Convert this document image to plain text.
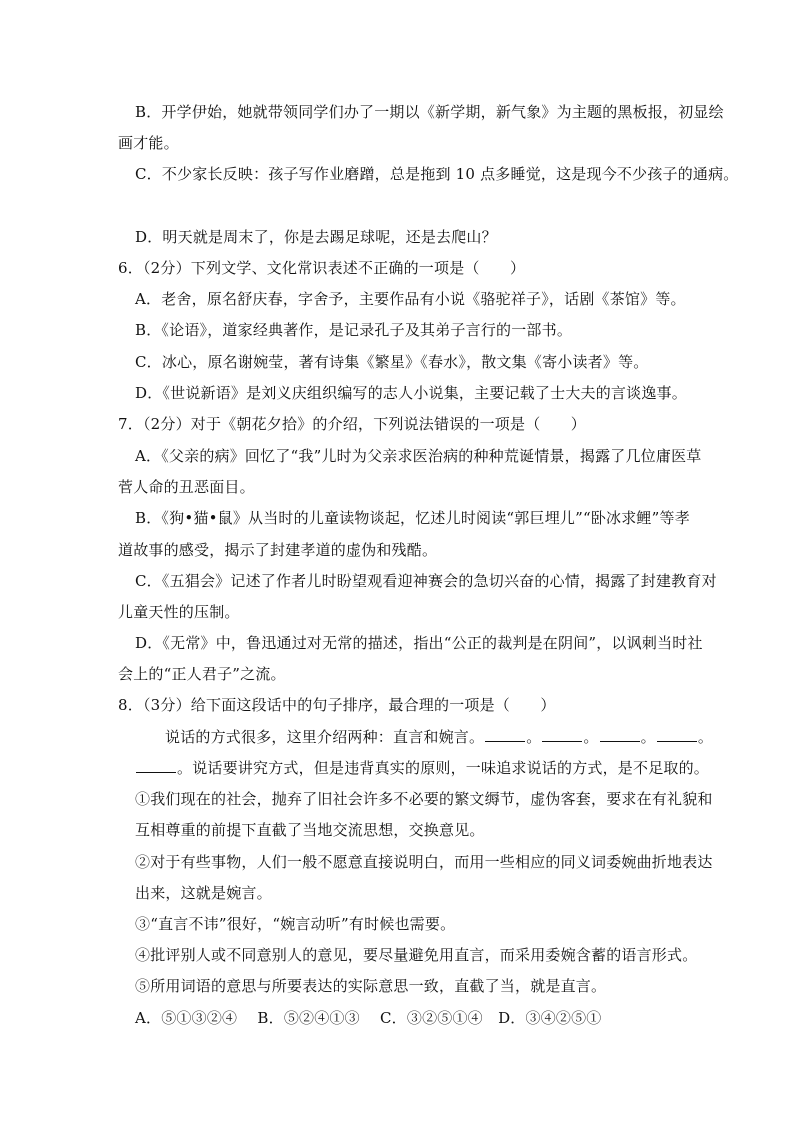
B．开学伊始，她就带领同学们办了一期以《新学期，新气象》为主题的黑板报，初显绘
画才能。
C．不少家长反映：孩子写作业磨蹭，总是拖到 10 点多睡觉，这是现今不少孩子的通病。
D．明天就是周末了，你是去踢足球呢，还是去爬山？
6．（2分）下列文学、文化常识表述不正确的一项是（　　）
A．老舍，原名舒庆春，字舍予，主要作品有小说《骆驼祥子》，话剧《茶馆》等。
B．《论语》，道家经典著作，是记录孔子及其弟子言行的一部书。
C．冰心，原名谢婉莹，著有诗集《繁星》《春水》，散文集《寄小读者》等。
D．《世说新语》是刘义庆组织编写的志人小说集，主要记载了士大夫的言谈逸事。
7．（2分）对于《朝花夕拾》的介绍，下列说法错误的一项是（　　）
A．《父亲的病》回忆了“我”儿时为父亲求医治病的种种荒诞情景，揭露了几位庸医草
菅人命的丑恶面目。
B．《狗•猫•鼠》从当时的儿童读物谈起，忆述儿时阅读“郭巨埋儿”“卧冰求鲤”等孝
道故事的感受，揭示了封建孝道的虚伪和残酷。
C．《五猖会》记述了作者儿时盼望观看迎神赛会的急切兴奋的心情，揭露了封建教育对
儿童天性的压制。
D．《无常》中，鲁迅通过对无常的描述，指出“公正的裁判是在阴间”，以讽刺当时社
会上的“正人君子”之流。
8．（3分）给下面这段话中的句子排序，最合理的一项是（　　）
说话的方式很多，这里介绍两种：直言和婉言。	。	。	。	。
。说话要讲究方式，但是违背真实的原则，一味追求说话的方式，是不足取的。
①我们现在的社会，抛弃了旧社会许多不必要的繁文缛节，虚伪客套，要求在有礼貌和
互相尊重的前提下直截了当地交流思想，交换意见。
②对于有些事物，人们一般不愿意直接说明白，而用一些相应的同义词委婉曲折地表达
出来，这就是婉言。
③“直言不讳”很好，“婉言动听”有时候也需要。
④批评别人或不同意别人的意见，要尽量避免用直言，而采用委婉含蓄的语言形式。
⑤所用词语的意思与所要表达的实际意思一致，直截了当，就是直言。
A．⑤①③②④　 B．⑤②④①③　 C．③②⑤①④　D．③④②⑤①
